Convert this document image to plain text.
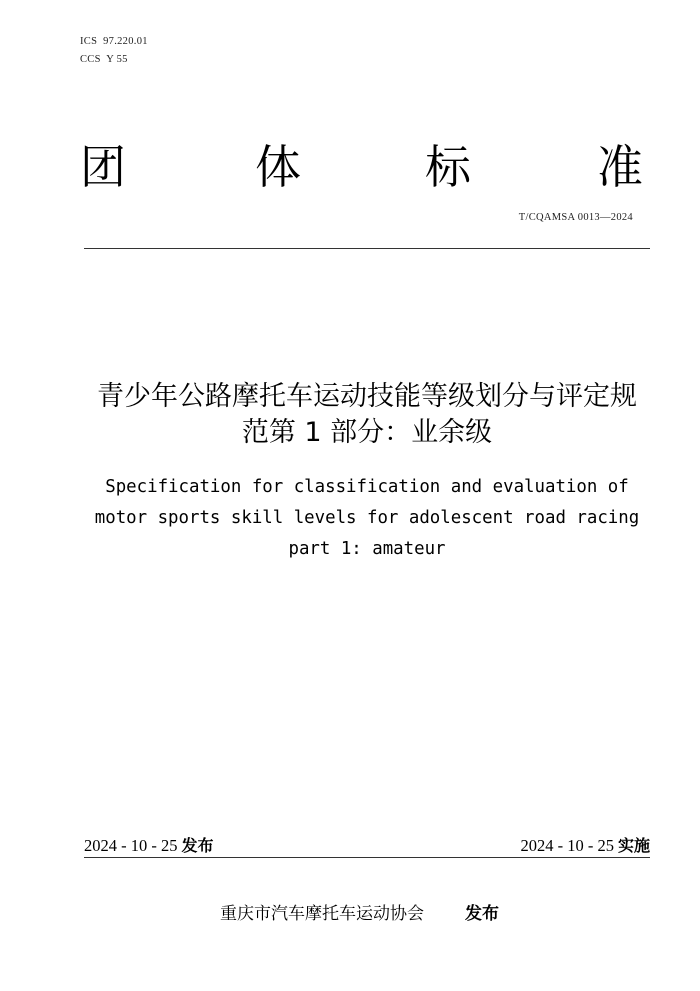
ICS  97.220.01
CCS  Y 55
团	体	标	准
T/CQAMSA 0013—2024
青少年公路摩托车运动技能等级划分与评定规
范第 1 部分：业余级
Specification for classification and evaluation of
motor sports skill levels for adolescent road racing
part 1: amateur
2024 - 10 - 25 发布	2024 - 10 - 25 实施
重庆市汽车摩托车运动协会 发布
